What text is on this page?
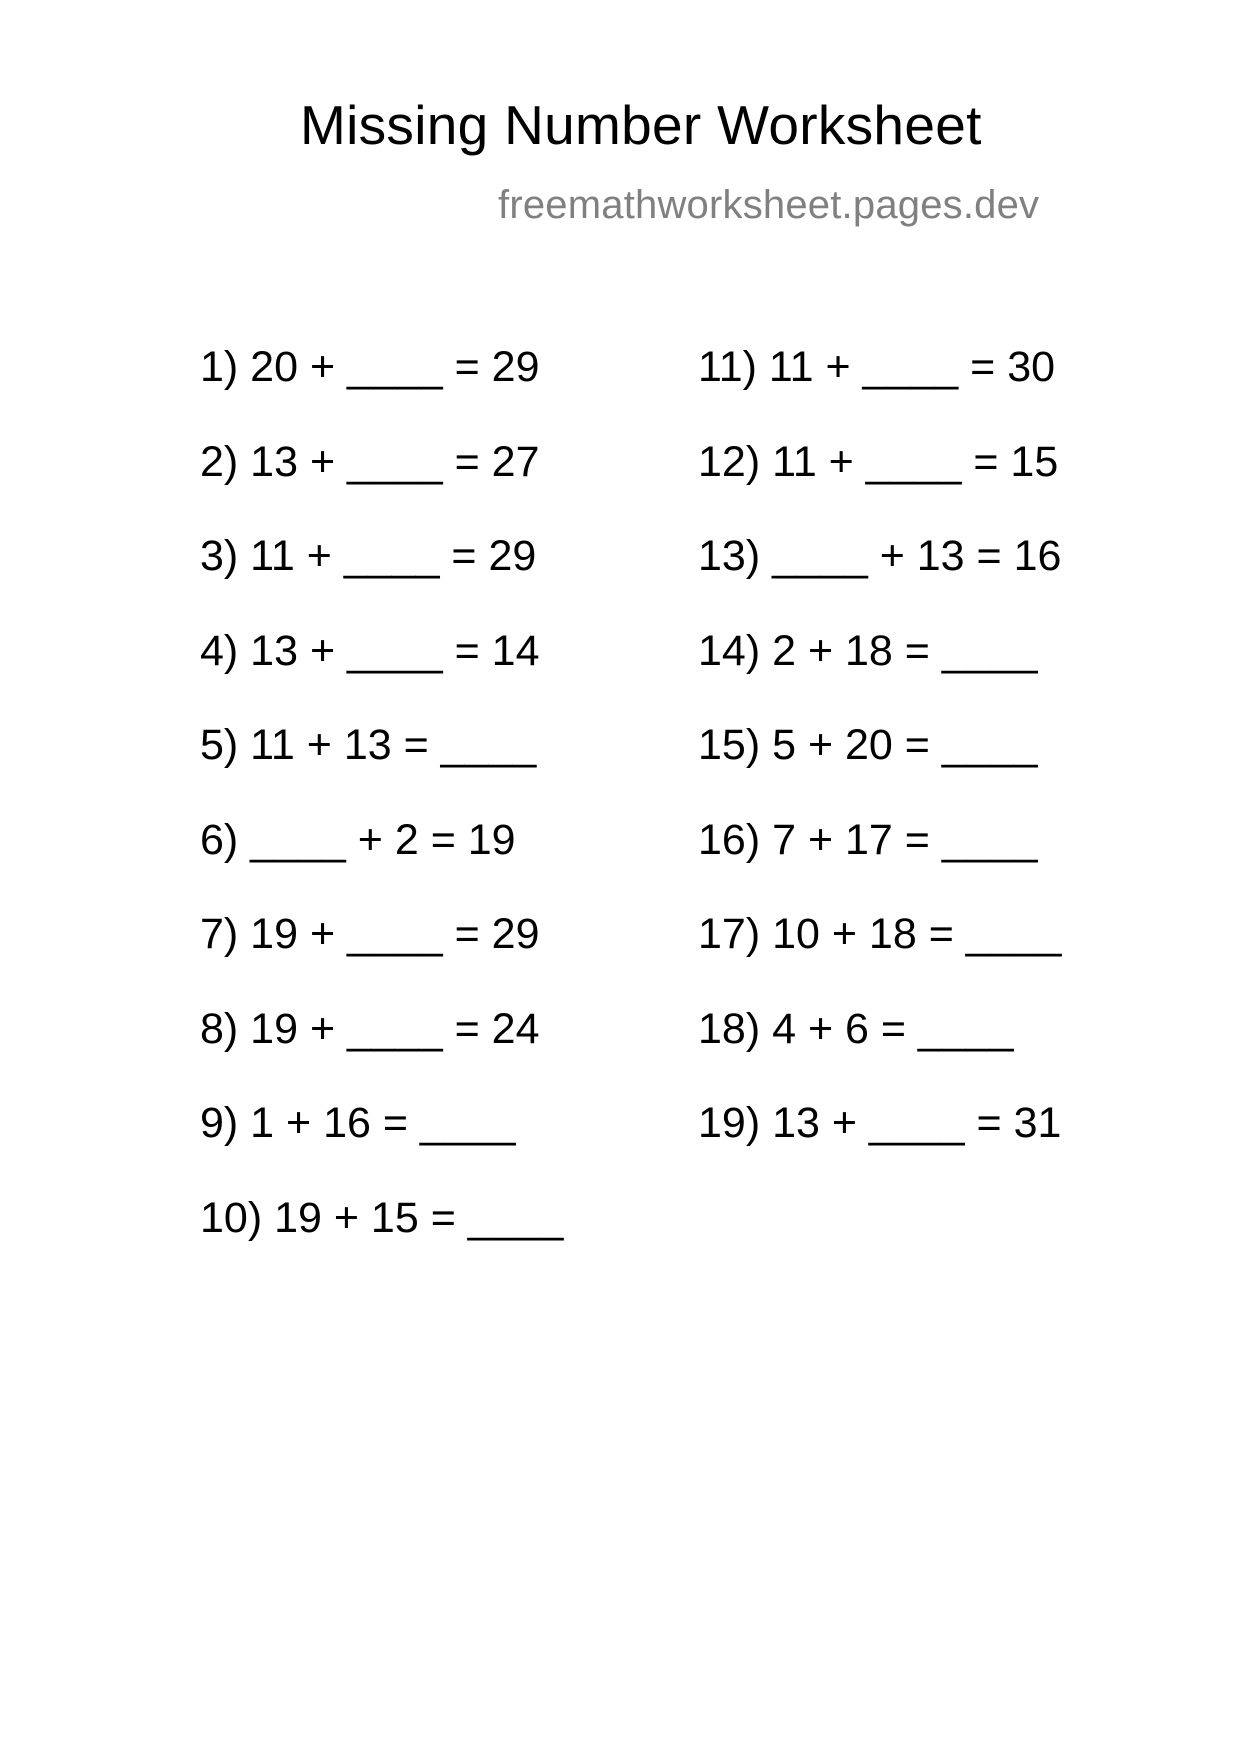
Missing Number Worksheet
freemathworksheet.pages.dev
1) 20 + ____ = 29
2) 13 + ____ = 27
3) 11 + ____ = 29
4) 13 + ____ = 14
5) 11 + 13 = ____
6) ____ + 2 = 19
7) 19 + ____ = 29
8) 19 + ____ = 24
9) 1 + 16 = ____
10) 19 + 15 = ____
11) 11 + ____ = 30
12) 11 + ____ = 15
13) ____ + 13 = 16
14) 2 + 18 = ____
15) 5 + 20 = ____
16) 7 + 17 = ____
17) 10 + 18 = ____
18) 4 + 6 = ____
19) 13 + ____ = 31
